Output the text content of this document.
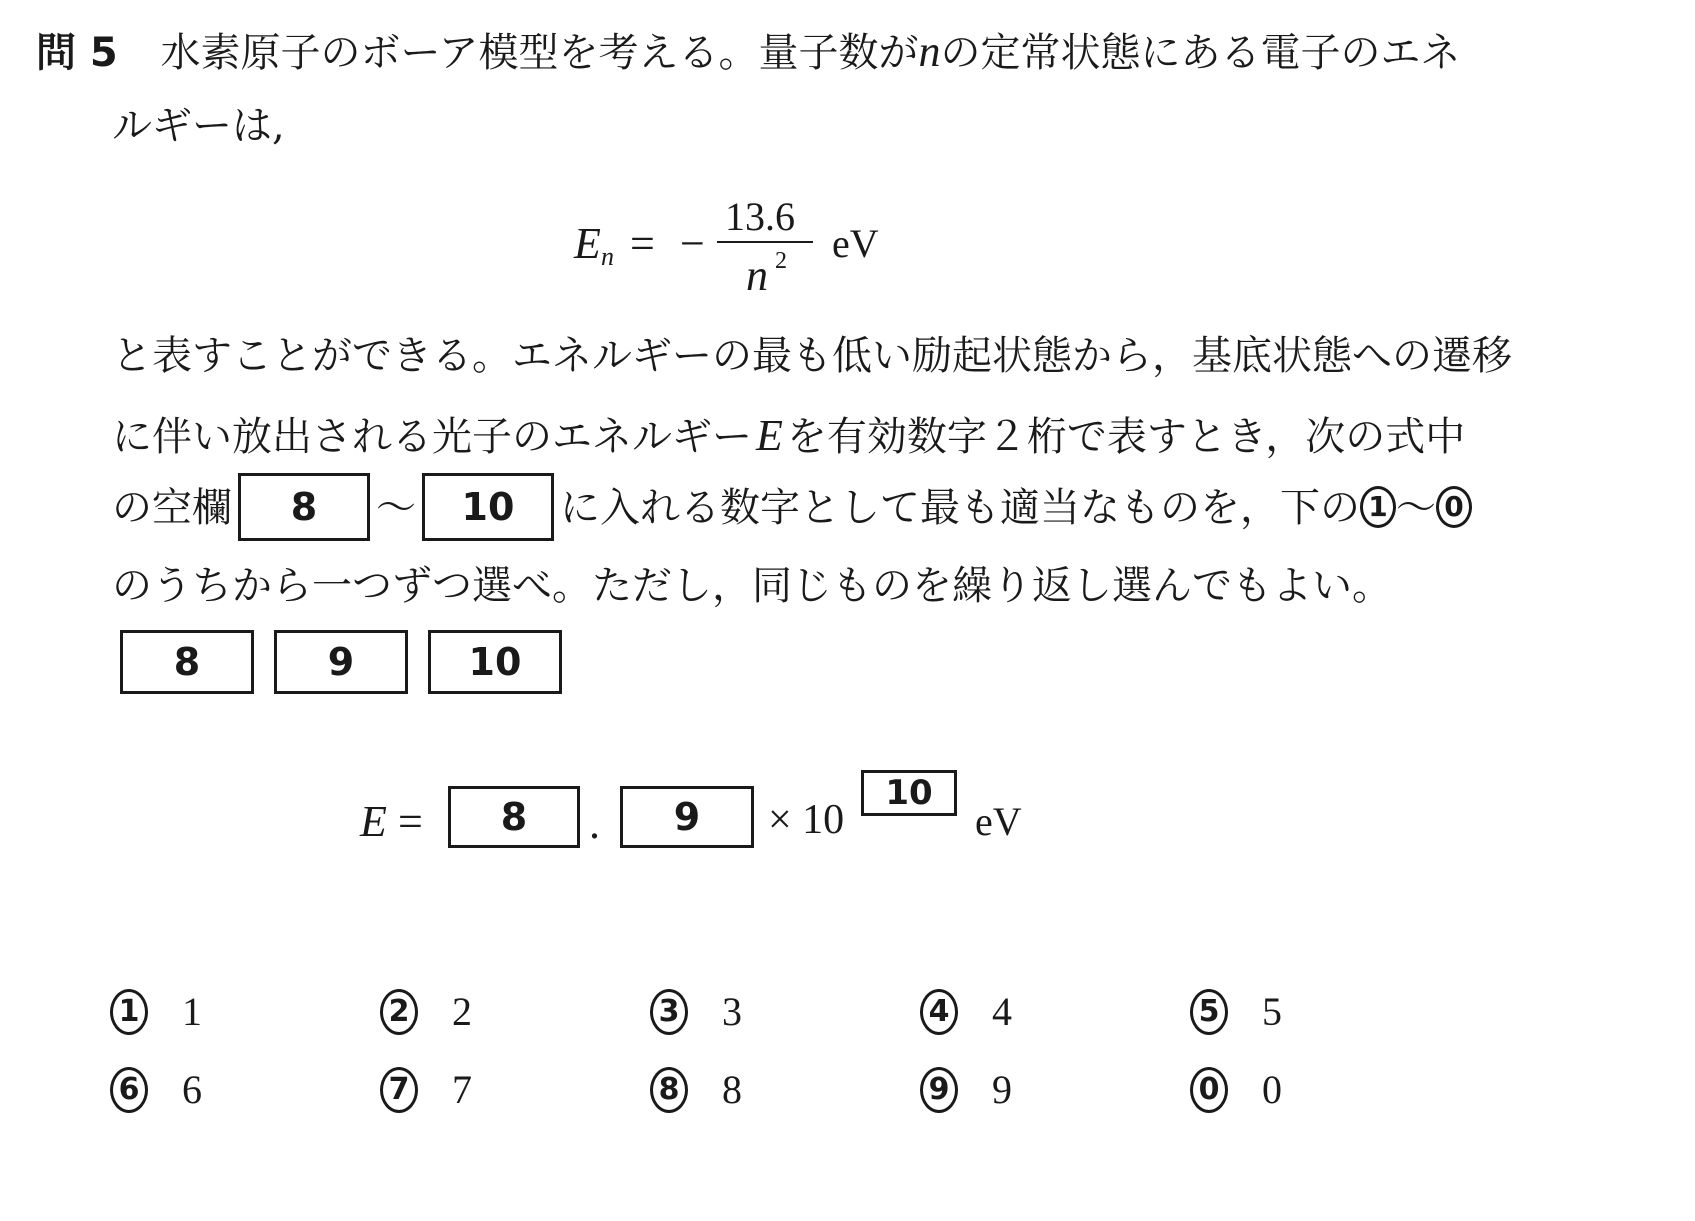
問 5 水素原子のボーア模型を考える。量子数がnの定常状態にある電子のエネ
ルギーは,
E n = −
13.6
n 2 eV
と表すことができる。エネルギーの最も低い励起状態から，基底状態への遷移
に伴い放出される光子のエネルギーE を有効数字２桁で表すとき，次の式中
の空欄 8 〜 10 に入れる数字として最も適当なものを，下の 1 〜 0
のうちから一つずつ選べ。ただし，同じものを繰り返し選んでもよい。
8	9	10
E =	8	.	9	× 10
10
eV
1 1	2 2	3 3	4 4	5 5
6 6	7 7	8 8	9 9	0 0
